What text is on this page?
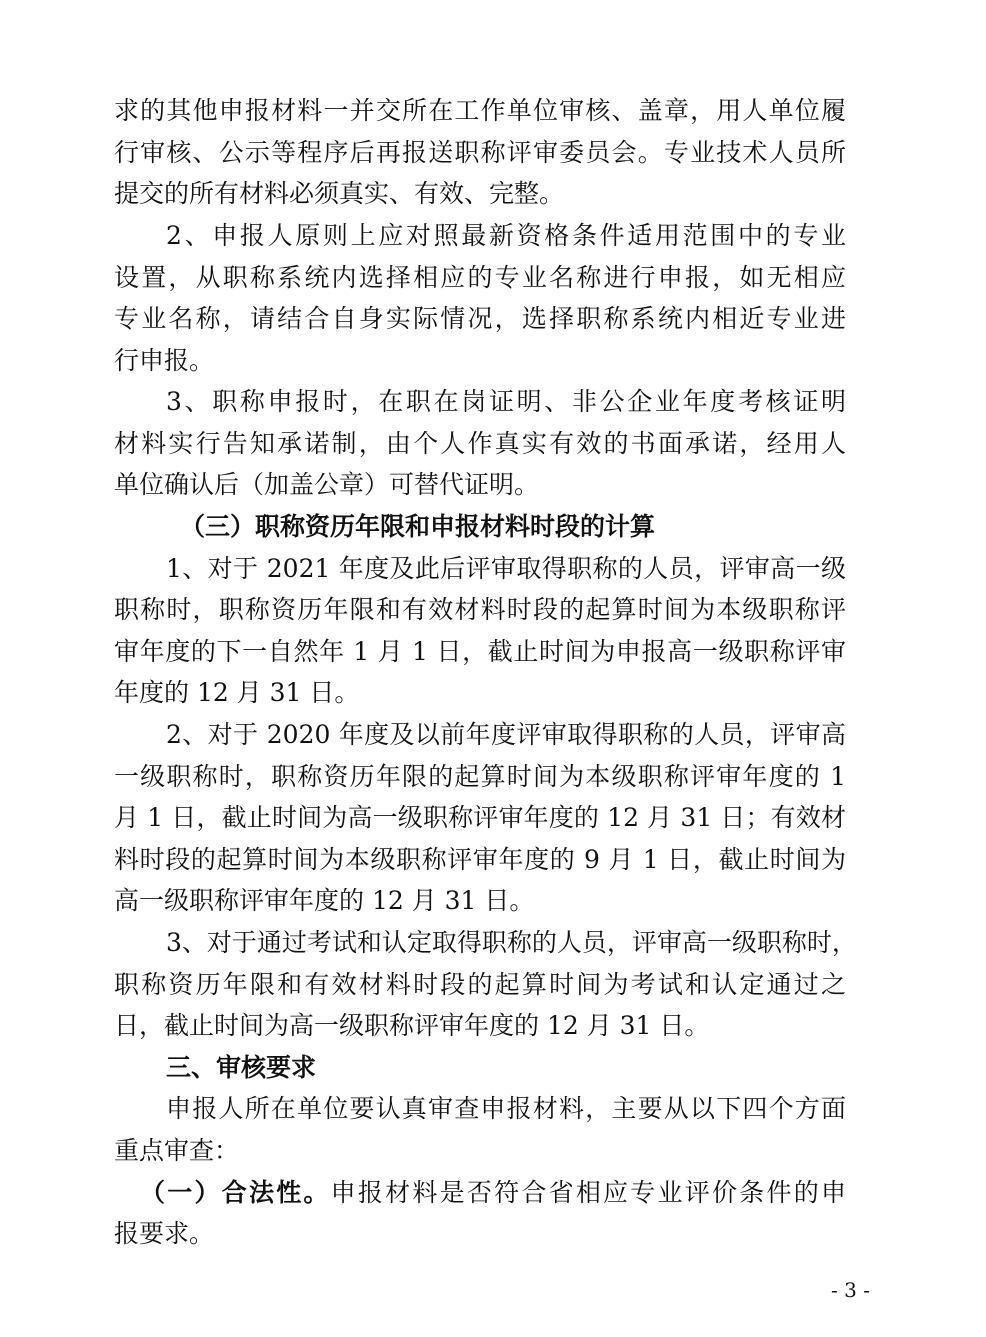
求的其他申报材料一并交所在工作单位审核、盖章，用人单位履
行审核、公示等程序后再报送职称评审委员会。专业技术人员所
提交的所有材料必须真实、有效、完整。
2、申报人原则上应对照最新资格条件适用范围中的专业
设置，从职称系统内选择相应的专业名称进行申报，如无相应
专业名称，请结合自身实际情况，选择职称系统内相近专业进
行申报。
3、职称申报时，在职在岗证明、非公企业年度考核证明
材料实行告知承诺制，由个人作真实有效的书面承诺，经用人
单位确认后（加盖公章）可替代证明。
（三）职称资历年限和申报材料时段的计算
1、对于 2021 年度及此后评审取得职称的人员，评审高一级
职称时，职称资历年限和有效材料时段的起算时间为本级职称评
审年度的下一自然年 1 月 1 日，截止时间为申报高一级职称评审
年度的 12 月 31 日。
2、对于 2020 年度及以前年度评审取得职称的人员，评审高
一级职称时，职称资历年限的起算时间为本级职称评审年度的 1
月 1 日，截止时间为高一级职称评审年度的 12 月 31 日；有效材
料时段的起算时间为本级职称评审年度的 9 月 1 日，截止时间为
高一级职称评审年度的 12 月 31 日。
3、对于通过考试和认定取得职称的人员，评审高一级职称时，
职称资历年限和有效材料时段的起算时间为考试和认定通过之
日，截止时间为高一级职称评审年度的 12 月 31 日。
三、审核要求
申报人所在单位要认真审查申报材料，主要从以下四个方面
重点审查：
（一）合法性。申报材料是否符合省相应专业评价条件的申
报要求。
- 3 -
